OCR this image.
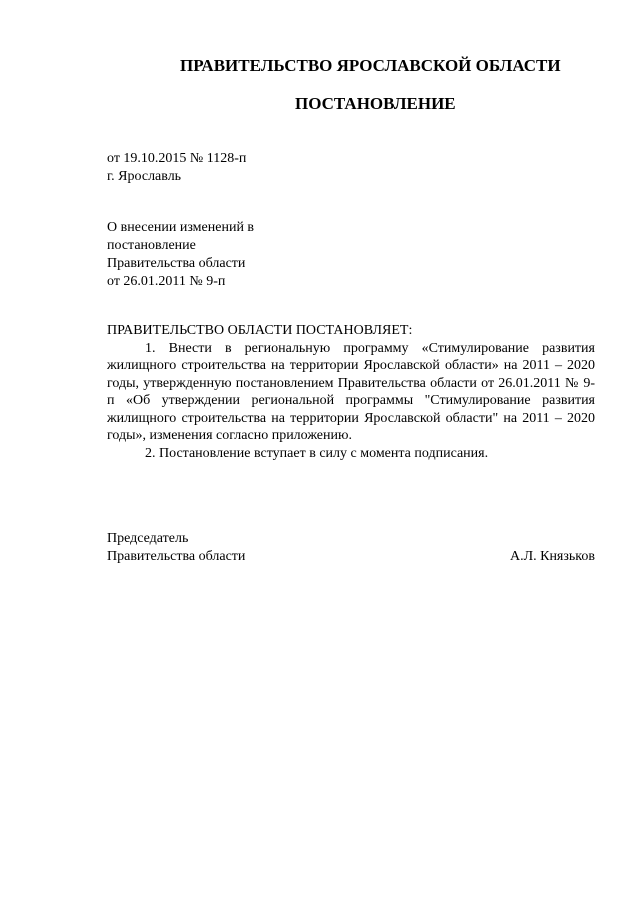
ПРАВИТЕЛЬСТВО ЯРОСЛАВСКОЙ ОБЛАСТИ
ПОСТАНОВЛЕНИЕ
от 19.10.2015 № 1128-п
г. Ярославль
О внесении изменений в
постановление
Правительства области
от 26.01.2011 № 9-п

ПРАВИТЕЛЬСТВО ОБЛАСТИ ПОСТАНОВЛЯЕТ:

1. Внести в региональную программу «Стимулирование развития жилищного строительства на территории Ярославской области» на 2011 – 2020 годы, утвержденную постановлением Правительства области от 26.01.2011 № 9-п «Об утверждении региональной программы "Стимулирование развития жилищного строительства на территории Ярославской области" на 2011 – 2020 годы», изменения согласно приложению.

2. Постановление вступает в силу с момента подписания.

Председатель
Правительства области	А.Л. Князьков
